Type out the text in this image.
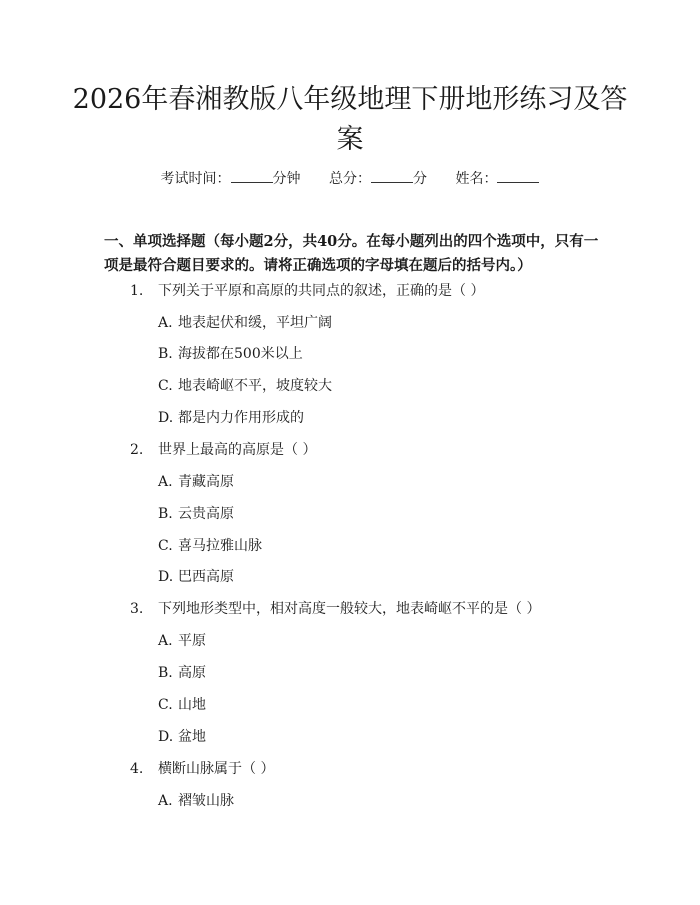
2026年春湘教版八年级地理下册地形练习及答案
考试时间：	分钟 总分：	分 姓名：

一、单项选择题（每小题2分，共40分。在每小题列出的四个选项中，只有一项是最符合题目要求的。请将正确选项的字母填在题后的括号内。）

1. 下列关于平原和高原的共同点的叙述，正确的是（ ）
A. 地表起伏和缓，平坦广阔
B. 海拔都在500米以上
C. 地表崎岖不平，坡度较大
D. 都是内力作用形成的
2. 世界上最高的高原是（ ）
A. 青藏高原
B. 云贵高原
C. 喜马拉雅山脉
D. 巴西高原
3. 下列地形类型中，相对高度一般较大，地表崎岖不平的是（ ）
A. 平原
B. 高原
C. 山地
D. 盆地
4. 横断山脉属于（ ）
A. 褶皱山脉
